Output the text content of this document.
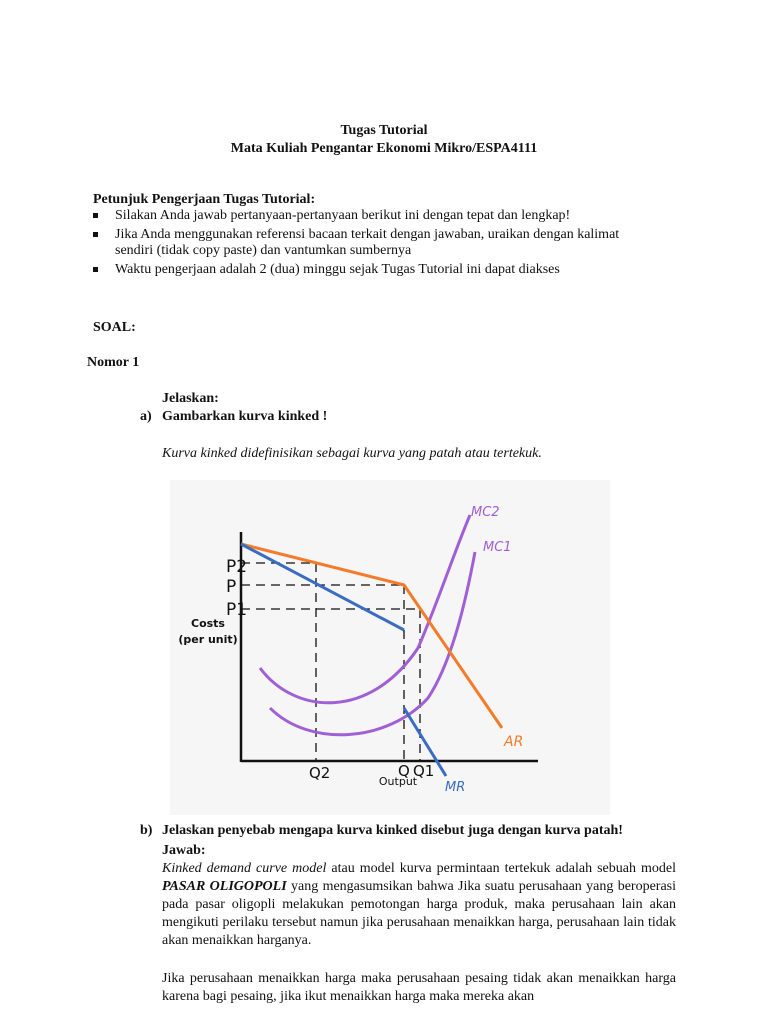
Tugas Tutorial
Mata Kuliah Pengantar Ekonomi Mikro/ESPA4111
Petunjuk Pengerjaan Tugas Tutorial:
Silakan Anda jawab pertanyaan-pertanyaan berikut ini dengan tepat dan lengkap!
Jika Anda menggunakan referensi bacaan terkait dengan jawaban, uraikan dengan kalimat sendiri (tidak copy paste) dan vantumkan sumbernya
Waktu pengerjaan adalah 2 (dua) minggu sejak Tugas Tutorial ini dapat diakses
SOAL:
Nomor 1
Jelaskan:
a) Gambarkan kurva kinked !
Kurva kinked didefinisikan sebagai kurva yang patah atau tertekuk.
P2
P
P1
Costs
(per unit)
Q2	Q Q1
Output
AR
MR
MC2
MC1
b) Jelaskan penyebab mengapa kurva kinked disebut juga dengan kurva patah!
Jawab:
Kinked demand curve model atau model kurva permintaan tertekuk adalah sebuah model PASAR OLIGOPOLI yang mengasumsikan bahwa Jika suatu perusahaan yang beroperasi pada pasar oligopli melakukan pemotongan harga produk, maka perusahaan lain akan mengikuti perilaku tersebut namun jika perusahaan menaikkan harga, perusahaan lain tidak akan menaikkan harganya.
Jika perusahaan menaikkan harga maka perusahaan pesaing tidak akan menaikkan harga karena bagi pesaing, jika ikut menaikkan harga maka mereka akan
